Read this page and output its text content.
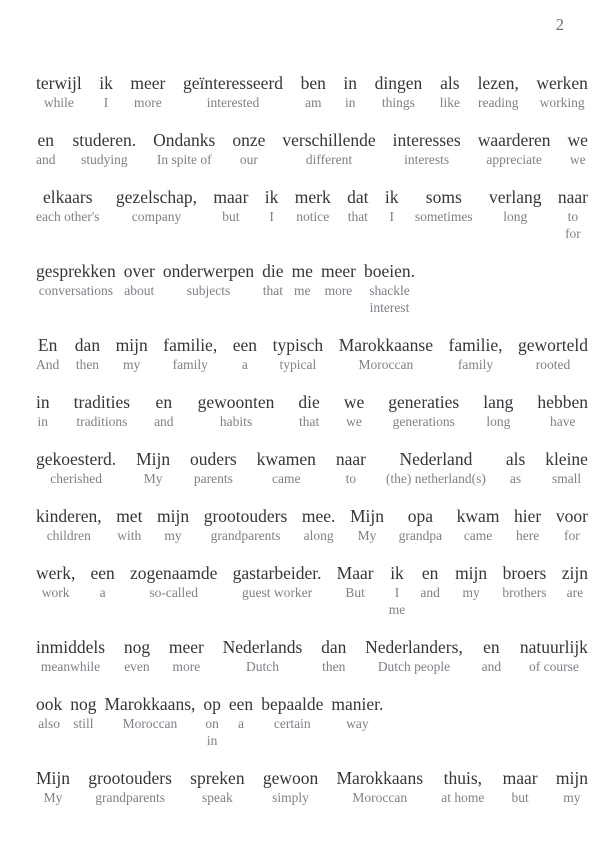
2
terwijl
while
ik
I
meer
more
geïnteresseerd
interested
ben
am
in
in
dingen
things
als
like
lezen,
reading
werken
working
en
and
studeren.
studying
Ondanks
In spite of
onze
our
verschillende
different
interesses
interests
waarderen
appreciate
we
we
elkaars
each other's
gezelschap,
company
maar
but
ik
I
merk
notice
dat
that
ik
I
soms
sometimes
verlang
long
naar
to
for
gesprekken
conversations
over
about
onderwerpen
subjects
die
that
me
me
meer
more
boeien.
shackle
interest
En
And
dan
then
mijn
my
familie,
family
een
a
typisch
typical
Marokkaanse
Moroccan
familie,
family
geworteld
rooted
in
in
tradities
traditions
en
and
gewoonten
habits
die
that
we
we
generaties
generations
lang
long
hebben
have
gekoesterd.
cherished
Mijn
My
ouders
parents
kwamen
came
naar
to
Nederland
(the) netherland(s)
als
as
kleine
small
kinderen,
children
met
with
mijn
my
grootouders
grandparents
mee.
along
Mijn
My
opa
grandpa
kwam
came
hier
here
voor
for
werk,
work
een
a
zogenaamde
so-called
gastarbeider.
guest worker
Maar
But
ik
I
me
en
and
mijn
my
broers
brothers
zijn
are
inmiddels
meanwhile
nog
even
meer
more
Nederlands
Dutch
dan
then
Nederlanders,
Dutch people
en
and
natuurlijk
of course
ook
also
nog
still
Marokkaans,
Moroccan
op
on
in
een
a
bepaalde
certain
manier.
way
Mijn
My
grootouders
grandparents
spreken
speak
gewoon
simply
Marokkaans
Moroccan
thuis,
at home
maar
but
mijn
my
